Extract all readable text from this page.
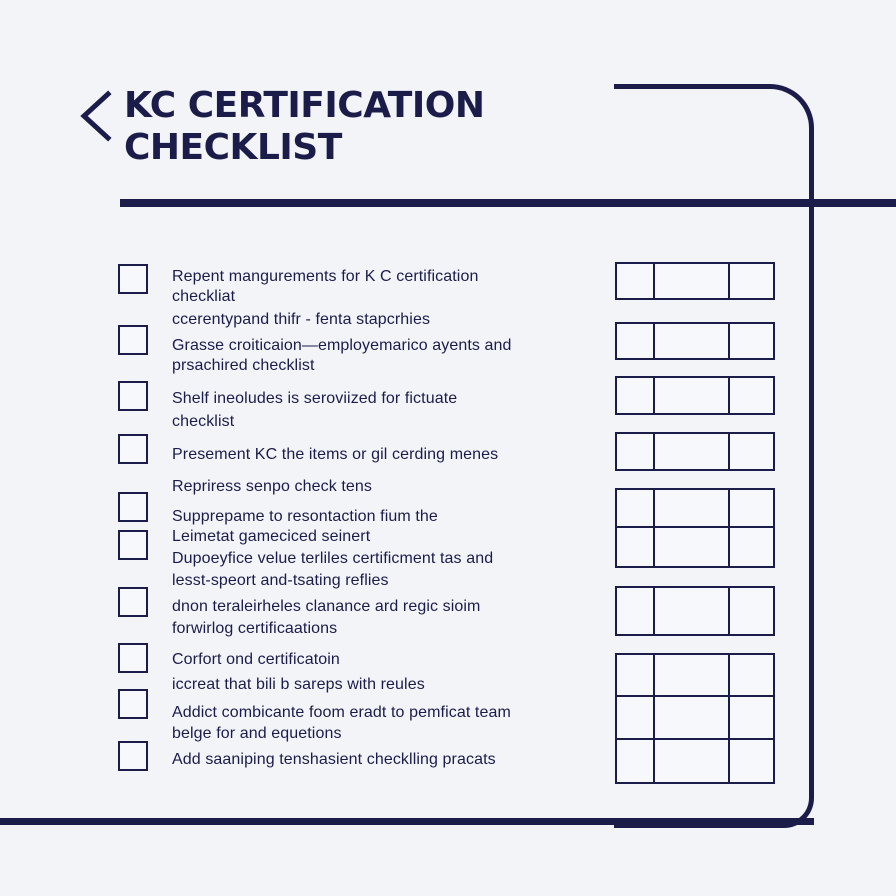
KC CERTIFICATION
CHECKLIST
Repent mangurements for K C certification
checkliat
ccerentypand thifr - fenta stapcrhies
Grasse croiticaion—employemarico ayents and
prsachired checklist
Shelf ineoludes is seroviized for fictuate
checklist
Presement KC the items or gil cerding menes
Repriress senpo check tens
Supprepame to resontaction fium the
Leimetat gameciced seinert
Dupoeyfice velue terliles certificment tas and
lesst-speort and-tsating reflies
dnon teraleirheles clanance ard regic sioim
forwirlog certificaations
Corfort ond certificatoin
iccreat that bili b sareps with reules
Addict combicante foom eradt to pemficat team
belge for and equetions
Add saaniping tenshasient checklling pracats
